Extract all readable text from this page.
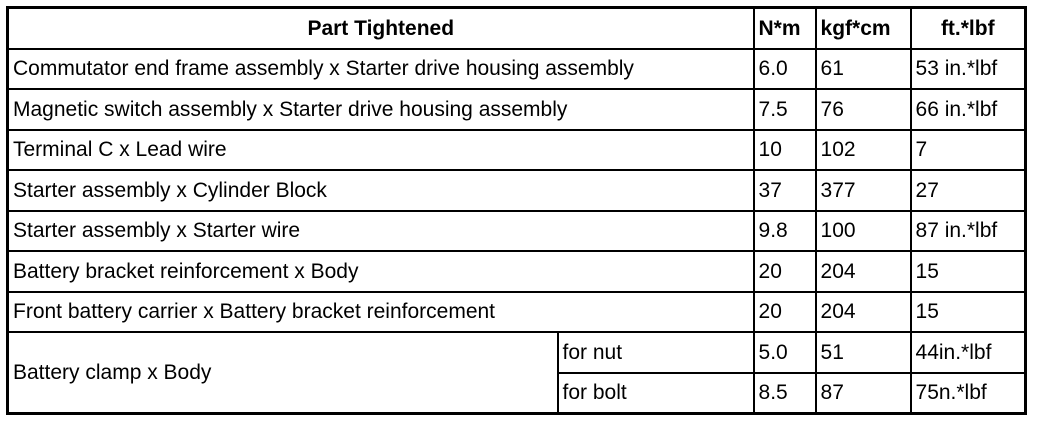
Part Tightened		N*m	kgf*cm	ft.*lbf
Commutator end frame assembly x Starter drive housing assembly		6.0	61	53 in.*lbf
Magnetic switch assembly x Starter drive housing assembly		7.5	76	66 in.*lbf
Terminal C x Lead wire		10	102	7
Starter assembly x Cylinder Block		37	377	27
Starter assembly x Starter wire		9.8	100	87 in.*lbf
Battery bracket reinforcement x Body		20	204	15
Front battery carrier x Battery bracket reinforcement		20	204	15
Battery clamp x Body	for nut	5.0	51	44in.*lbf
	for bolt	8.5	87	75n.*lbf
